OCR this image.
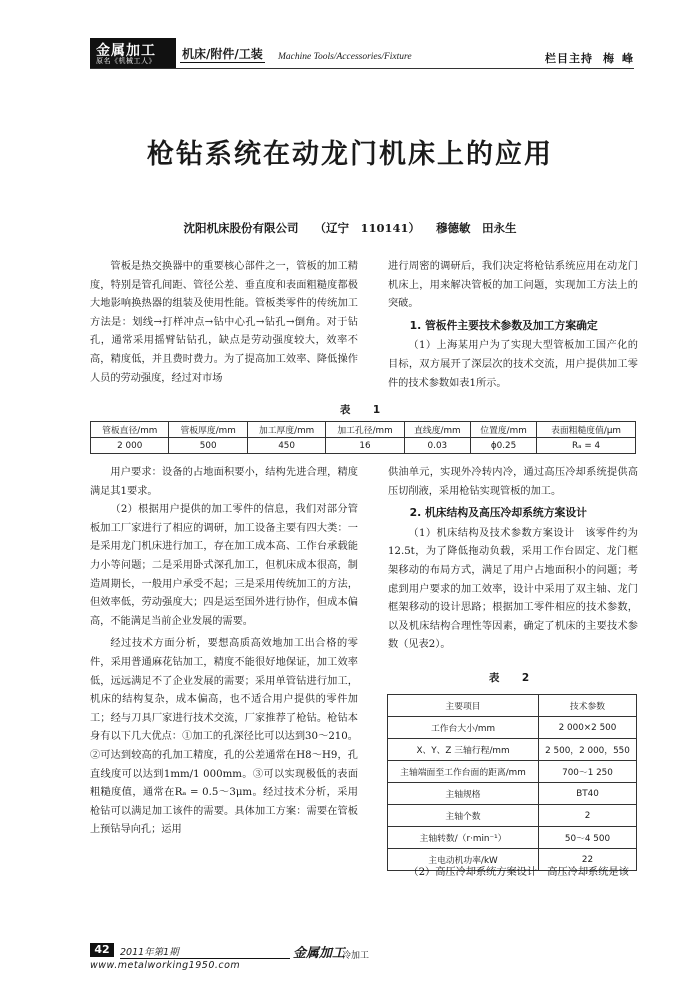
金属加工
原名《机械工人》 机床/附件/工装 Machine Tools/Accessories/Fixture	栏目主持 梅峰
枪钻系统在动龙门机床上的应用
沈阳机床股份有限公司 （辽宁　110141） 穆德敏　田永生

管板是热交换器中的重要核心部件之一，管板的加工精度，特别是管孔间距、管径公差、垂直度和表面粗糙度都极大地影响换热器的组装及使用性能。管板类零件的传统加工方法是：划线→打样冲点→钻中心孔→钻孔→倒角。对于钻孔，通常采用摇臂钻钻孔，缺点是劳动强度较大，效率不高，精度低，并且费时费力。为了提高加工效率、降低操作人员的劳动强度，经过对市场

进行周密的调研后，我们决定将枪钻系统应用在动龙门机床上，用来解决管板的加工问题，实现加工方法上的突破。

1. 管板件主要技术参数及加工方案确定

（1）上海某用户为了实现大型管板加工国产化的目标，双方展开了深层次的技术交流，用户提供加工零件的技术参数如表1所示。

表　1
管板直径/mm	管板厚度/mm	加工厚度/mm	加工孔径/mm	直线度/mm	位置度/mm	表面粗糙度值/μm
2 000	500	450	16	0.03	ϕ0.25	Rₐ = 4

用户要求：设备的占地面积要小，结构先进合理，精度满足其1要求。

（2）根据用户提供的加工零件的信息，我们对部分管板加工厂家进行了相应的调研，加工设备主要有四大类：一是采用龙门机床进行加工，存在加工成本高、工作台承载能力小等问题；二是采用卧式深孔加工，但机床成本很高，制造周期长，一般用户承受不起；三是采用传统加工的方法，但效率低，劳动强度大；四是运至国外进行协作，但成本偏高，不能满足当前企业发展的需要。

经过技术方面分析，要想高质高效地加工出合格的零件，采用普通麻花钻加工，精度不能很好地保证，加工效率低，远远满足不了企业发展的需要；采用单管钻进行加工，机床的结构复杂，成本偏高，也不适合用户提供的零件加工；经与刀具厂家进行技术交流，厂家推荐了枪钻。枪钻本身有以下几大优点：①加工的孔深径比可以达到30～210。②可达到较高的孔加工精度，孔的公差通常在H8～H9，孔直线度可以达到1mm/1 000mm。③可以实现极低的表面粗糙度值，通常在Rₐ = 0.5～3μm。经过技术分析，采用枪钻可以满足加工该件的需要。具体加工方案：需要在管板上预钻导向孔；运用

供油单元，实现外冷转内冷，通过高压冷却系统提供高压切削液，采用枪钻实现管板的加工。

2. 机床结构及高压冷却系统方案设计

（1）机床结构及技术参数方案设计　该零件约为12.5t，为了降低拖动负载，采用工作台固定、龙门框架移动的布局方式，满足了用户占地面积小的问题；考虑到用户要求的加工效率，设计中采用了双主轴、龙门框架移动的设计思路；根据加工零件相应的技术参数，以及机床结构合理性等因素，确定了机床的主要技术参数（见表2）。

表　2
主要项目	技术参数
工作台大小/mm	2 000×2 500
X、Y、Z 三轴行程/mm	2 500，2 000，550
主轴端面至工作台面的距离/mm	700～1 250
主轴规格	BT40
主轴个数	2
主轴转数/（r·min⁻¹）	50～4 500
主电动机功率/kW	22

（2）高压冷却系统方案设计　高压冷却系统是该

42	2011年第1期
www.metalworking1950.com
金属加工
冷加工
